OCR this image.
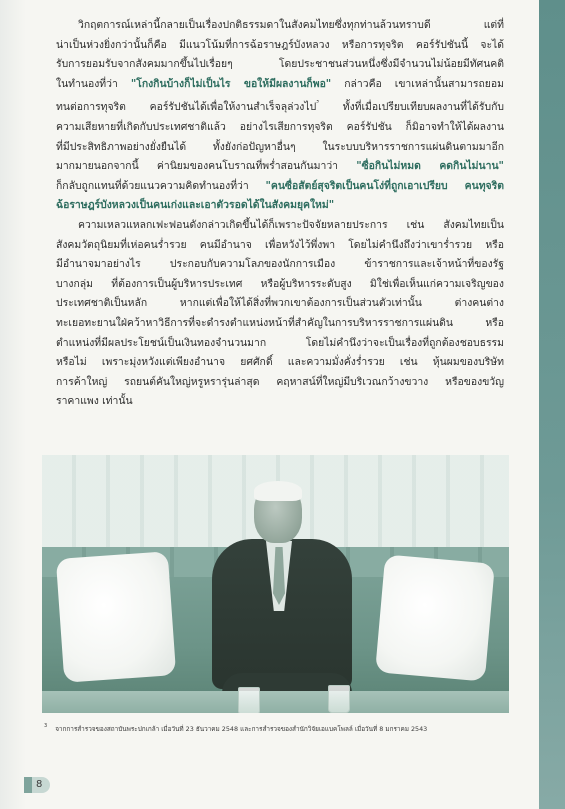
วิกฤตการณ์เหล่านี้กลายเป็นเรื่องปกติธรรมดาในสังคมไทยซึ่งทุกท่านล้วนทราบดี แต่ที่
น่าเป็นห่วงยิ่งกว่านั้นก็คือ มีแนวโน้มที่การฉ้อราษฎร์บังหลวง หรือการทุจริต คอร์รัปชันนี้ จะได้
รับการยอมรับจากสังคมมากขึ้นไปเรื่อยๆ โดยประชาชนส่วนหนึ่งซึ่งมีจำนวนไม่น้อยมีทัศนคติ
ในทำนองที่ว่า "โกงกินบ้างก็ไม่เป็นไร ขอให้มีผลงานก็พอ" กล่าวคือ เขาเหล่านั้นสามารถยอม
ทนต่อการทุจริต คอร์รัปชันได้เพื่อให้งานสำเร็จลุล่วงไป$^{^3}$ ทั้งที่เมื่อเปรียบเทียบผลงานที่ได้รับกับ
ความเสียหายที่เกิดกับประเทศชาติแล้ว อย่างไรเสียการทุจริต คอร์รัปชัน ก็มิอาจทำให้ได้ผลงาน
ที่มีประสิทธิภาพอย่างยั่งยืนได้ ทั้งยังก่อปัญหาอื่นๆ ในระบบบริหารราชการแผ่นดินตามมาอีก
มากมายนอกจากนี้ ค่านิยมของคนโบราณที่พร่ำสอนกันมาว่า "ซื่อกินไม่หมด คดกินไม่นาน"
ก็กลับถูกแทนที่ด้วยแนวความคิดทำนองที่ว่า "คนซื่อสัตย์สุจริตเป็นคนโง่ที่ถูกเอาเปรียบ คนทุจริต
ฉ้อราษฎร์บังหลวงเป็นคนเก่งและเอาตัวรอดได้ในสังคมยุคใหม่"
ความเหลวแหลกเฟะฟอนดังกล่าวเกิดขึ้นได้ก็เพราะปัจจัยหลายประการ เช่น สังคมไทยเป็น
สังคมวัตถุนิยมที่เห่อคนร่ำรวย คนมีอำนาจ เพื่อหวังไว้พึ่งพา โดยไม่คำนึงถึงว่าเขาร่ำรวย หรือ
มีอำนาจมาอย่างไร ประกอบกับความโลภของนักการเมือง ข้าราชการและเจ้าหน้าที่ของรัฐ
บางกลุ่ม ที่ต้องการเป็นผู้บริหารประเทศ หรือผู้บริหารระดับสูง มิใช่เพื่อเห็นแก่ความเจริญของ
ประเทศชาติเป็นหลัก หากแต่เพื่อให้ได้สิ่งที่พวกเขาต้องการเป็นส่วนตัวเท่านั้น ต่างคนต่าง
ทะเยอทะยานใฝ่คว้าหาวิธีการที่จะดำรงตำแหน่งหน้าที่สำคัญในการบริหารราชการแผ่นดิน หรือ
ตำแหน่งที่มีผลประโยชน์เป็นเงินทองจำนวนมาก โดยไม่คำนึงว่าจะเป็นเรื่องที่ถูกต้องชอบธรรม
หรือไม่ เพราะมุ่งหวังแต่เพียงอำนาจ ยศศักดิ์ และความมั่งคั่งร่ำรวย เช่น หุ้นผมของบริษัท
การค้าใหญ่ รถยนต์คันใหญ่หรูหรารุ่นล่าสุด คฤหาสน์ที่ใหญ่มีบริเวณกว้างขวาง หรือของขวัญ
ราคาแพง เท่านั้น
$^3$ จากการสำรวจของสถาบันพระปกเกล้า เมื่อวันที่ 23 ธันวาคม 2548 และการสำรวจของสำนักวิจัยเอแบคโพลล์ เมื่อวันที่ 8 มกราคม 2543
8
